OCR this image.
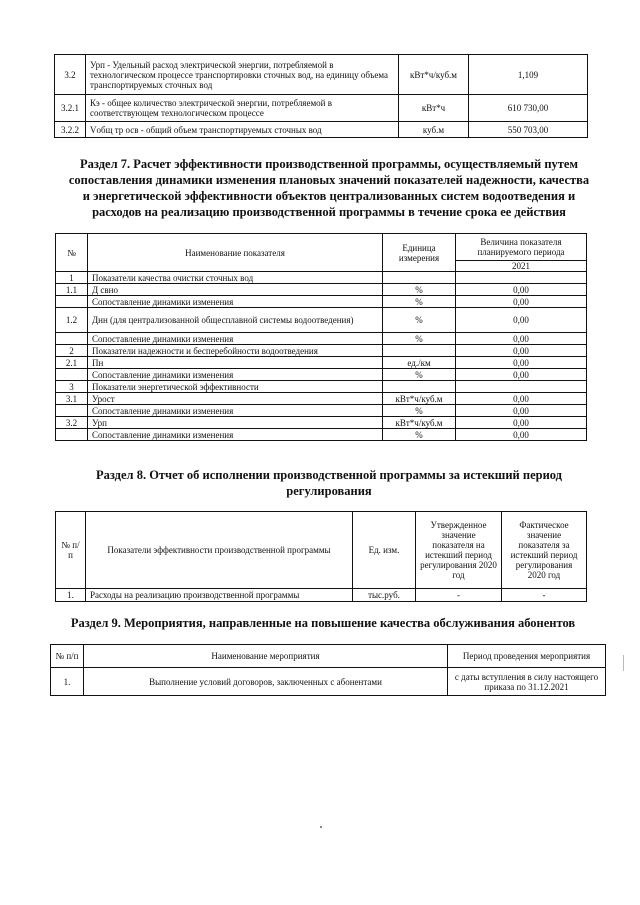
3.2	Урп - Удельный расход электрической энергии, потребляемой в технологическом процессе транспортировки сточных вод, на единицу объема транспортируемых сточных вод	кВт*ч/куб.м	1,109
3.2.1	Кэ - общее количество электрической энергии, потребляемой в соответствующем технологическом процессе	кВт*ч	610 730,00
3.2.2	Vобщ тр осв - общий объем транспортируемых сточных вод	куб.м	550 703,00
Раздел 7. Расчет эффективности производственной программы, осуществляемый путем сопоставления динамики изменения плановых значений показателей надежности, качества и энергетической эффективности объектов централизованных систем водоотведения и расходов на реализацию производственной программы в течение срока ее действия
№	Наименование показателя	Единица измерения	Величина показателя планируемого периода
			2021
1	Показатели качества очистки сточных вод		
1.1	Д свно	%	0,00
	Сопоставление динамики изменения	%	0,00
1.2	Днн (для централизованной общесплавной системы водоотведения)	%	0,00
	Сопоставление динамики изменения	%	0,00
2	Показатели надежности и бесперебойности водоотведения		0,00
2.1	Пн	ед./км	0,00
	Сопоставление динамики изменения	%	0,00
3	Показатели энергетической эффективности		
3.1	Урост	кВт*ч/куб.м	0,00
	Сопоставление динамики изменения	%	0,00
3.2	Урп	кВт*ч/куб.м	0,00
	Сопоставление динамики изменения	%	0,00
Раздел 8. Отчет об исполнении производственной программы за истекший период регулирования
№ п/п	Показатели эффективности производственной программы	Ед. изм.	Утвержденное значение показателя на истекший период регулирования 2020 год	Фактическое значение показателя за истекший период регулирования 2020 год
1.	Расходы на реализацию производственной программы	тыс.руб.	-	-
Раздел 9. Мероприятия, направленные на повышение качества обслуживания абонентов
№ п/п	Наименование мероприятия	Период проведения мероприятия
1.	Выполнение условий договоров, заключенных с абонентами	с даты вступления в силу настоящего приказа по 31.12.2021
